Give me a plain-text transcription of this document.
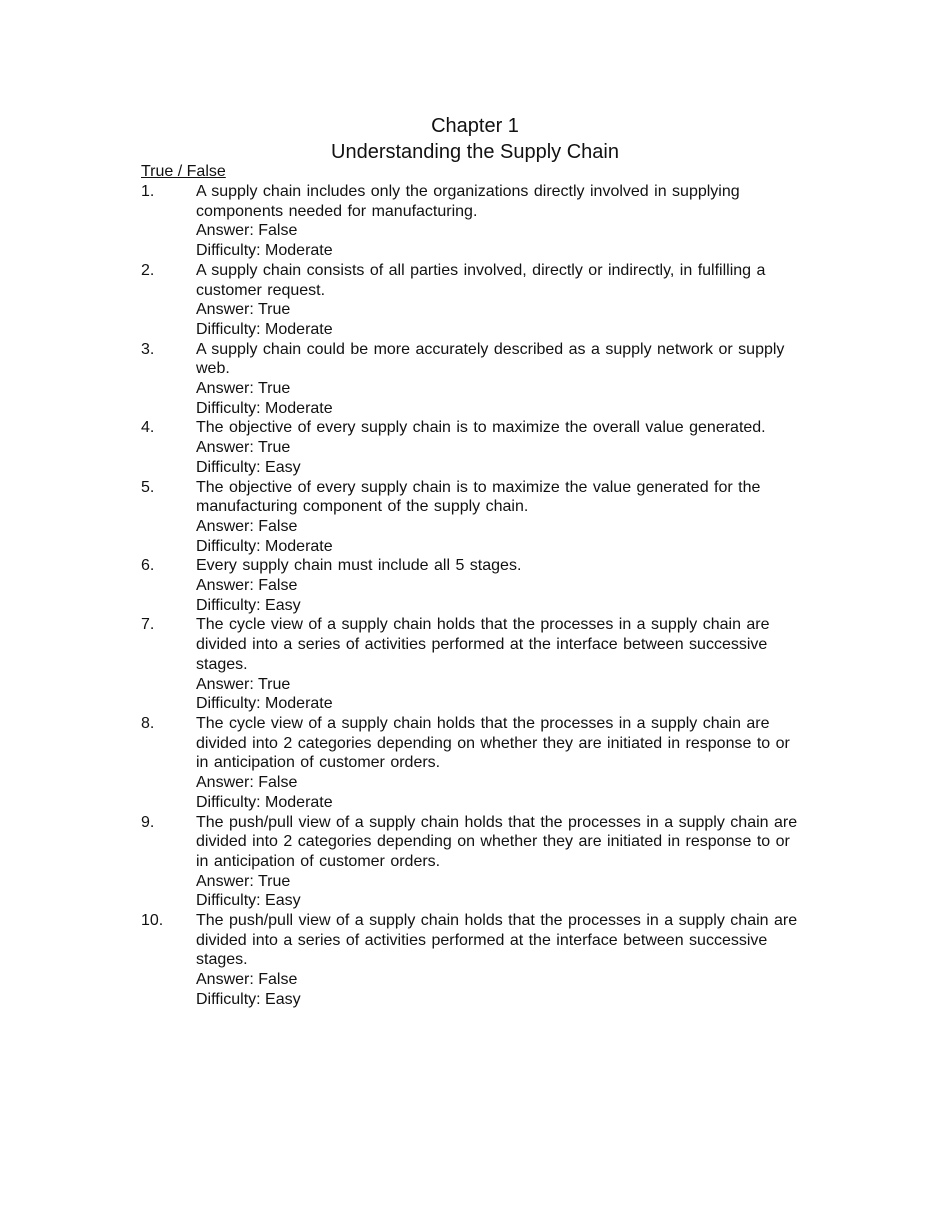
Chapter 1
Understanding the Supply Chain
True / False
1.	A supply chain includes only the organizations directly involved in supplying components needed for manufacturing.
Answer: False
Difficulty: Moderate
2.	A supply chain consists of all parties involved, directly or indirectly, in fulfilling a customer request.
Answer: True
Difficulty: Moderate
3.	A supply chain could be more accurately described as a supply network or supply web.
Answer: True
Difficulty: Moderate
4.	The objective of every supply chain is to maximize the overall value generated.
Answer: True
Difficulty: Easy
5.	The objective of every supply chain is to maximize the value generated for the manufacturing component of the supply chain.
Answer: False
Difficulty: Moderate
6.	Every supply chain must include all 5 stages.
Answer: False
Difficulty: Easy
7.	The cycle view of a supply chain holds that the processes in a supply chain are divided into a series of activities performed at the interface between successive stages.
Answer: True
Difficulty: Moderate
8.	The cycle view of a supply chain holds that the processes in a supply chain are divided into 2 categories depending on whether they are initiated in response to or in anticipation of customer orders.
Answer: False
Difficulty: Moderate
9.	The push/pull view of a supply chain holds that the processes in a supply chain are divided into 2 categories depending on whether they are initiated in response to or in anticipation of customer orders.
Answer: True
Difficulty: Easy
10.	The push/pull view of a supply chain holds that the processes in a supply chain are divided into a series of activities performed at the interface between successive stages.
Answer: False
Difficulty: Easy
